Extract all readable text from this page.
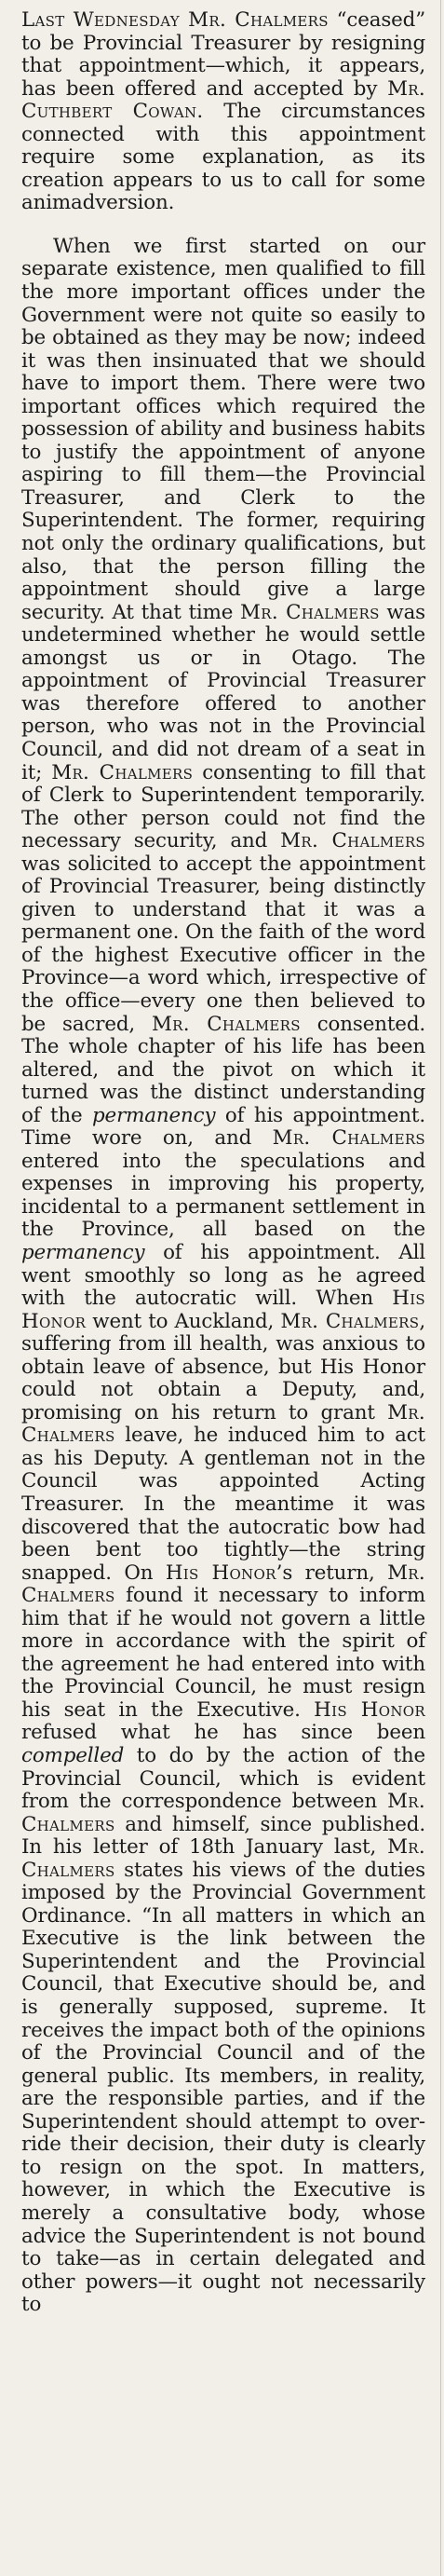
Last Wednesday Mr. Chalmers “ceased” to be Provincial Treasurer by resigning that appointment—which, it appears, has been offered and accepted by Mr. Cuthbert Cowan. The circumstances connected with this appointment require some explanation, as its creation appears to us to call for some animadversion.

When we first started on our separate existence, men qualified to fill the more important offices under the Government were not quite so easily to be obtained as they may be now; indeed it was then insinuated that we should have to import them. There were two important offices which required the possession of ability and business habits to justify the appointment of anyone aspiring to fill them—the Provincial Treasurer, and Clerk to the Superintendent. The former, requiring not only the ordinary qualifications, but also, that the person filling the appointment should give a large security. At that time Mr. Chalmers was undetermined whether he would settle amongst us or in Otago. The appointment of Provincial Treasurer was therefore offered to another person, who was not in the Provincial Council, and did not dream of a seat in it; Mr. Chalmers consenting to fill that of Clerk to Superintendent temporarily. The other person could not find the necessary security, and Mr. Chalmers was solicited to accept the appointment of Provincial Treasurer, being distinctly given to understand that it was a permanent one. On the faith of the word of the highest Executive officer in the Province—a word which, irrespective of the office—every one then believed to be sacred, Mr. Chalmers consented. The whole chapter of his life has been altered, and the pivot on which it turned was the distinct understanding of the permanency of his appointment. Time wore on, and Mr. Chalmers entered into the speculations and expenses in improving his property, incidental to a permanent settlement in the Province, all based on the permanency of his appointment. All went smoothly so long as he agreed with the autocratic will. When His Honor went to Auckland, Mr. Chalmers, suffering from ill health, was anxious to obtain leave of absence, but His Honor could not obtain a Deputy, and, promising on his return to grant Mr. Chalmers leave, he induced him to act as his Deputy. A gentleman not in the Council was appointed Acting Treasurer. In the meantime it was discovered that the autocratic bow had been bent too tightly—the string snapped. On His Honor’s return, Mr. Chalmers found it necessary to inform him that if he would not govern a little more in accordance with the spirit of the agreement he had entered into with the Provincial Council, he must resign his seat in the Executive. His Honor refused what he has since been compelled to do by the action of the Provincial Council, which is evident from the correspondence between Mr. Chalmers and himself, since published. In his letter of 18th January last, Mr. Chalmers states his views of the duties imposed by the Provincial Government Ordinance. “In all matters in which an Executive is the link between the Superintendent and the Provincial Council, that Executive should be, and is generally supposed, supreme. It receives the impact both of the opinions of the Provincial Council and of the general public. Its members, in reality, are the responsible parties, and if the Superintendent should attempt to over-ride their decision, their duty is clearly to resign on the spot. In matters, however, in which the Executive is merely a consultative body, whose advice the Superintendent is not bound to take—as in certain delegated and other powers—it ought not necessarily to
